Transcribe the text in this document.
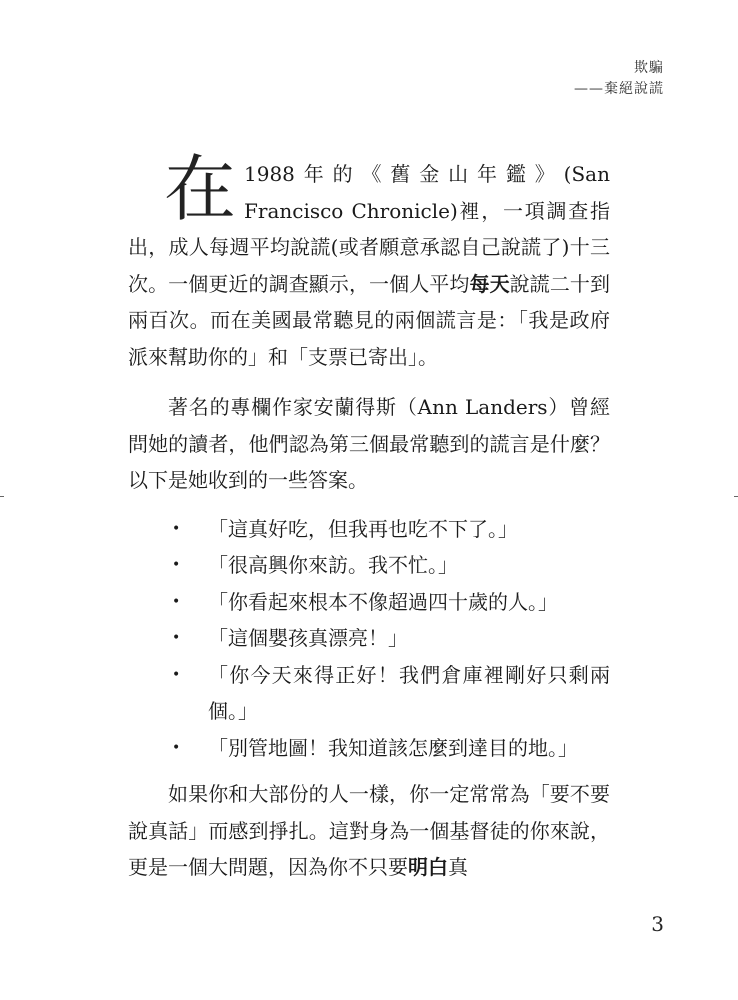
欺騙
——棄絕說謊

在 1988年的《舊金山年鑑》(San Francisco Chronicle)裡，一項調查指出，成人每週平均說謊(或者願意承認自己說謊了)十三次。一個更近的調查顯示，一個人平均每天說謊二十到兩百次。而在美國最常聽見的兩個謊言是：「我是政府派來幫助你的」和「支票已寄出」。

著名的專欄作家安蘭得斯（Ann Landers）曾經問她的讀者，他們認為第三個最常聽到的謊言是什麼？以下是她收到的一些答案。

• 「這真好吃，但我再也吃不下了。」
• 「很高興你來訪。我不忙。」
• 「你看起來根本不像超過四十歲的人。」
• 「這個嬰孩真漂亮！」
• 「你今天來得正好！我們倉庫裡剛好只剩兩個。」
• 「別管地圖！我知道該怎麼到達目的地。」

如果你和大部份的人一樣，你一定常常為「要不要說真話」而感到掙扎。這對身為一個基督徒的你來說，更是一個大問題，因為你不只要明白真

3
